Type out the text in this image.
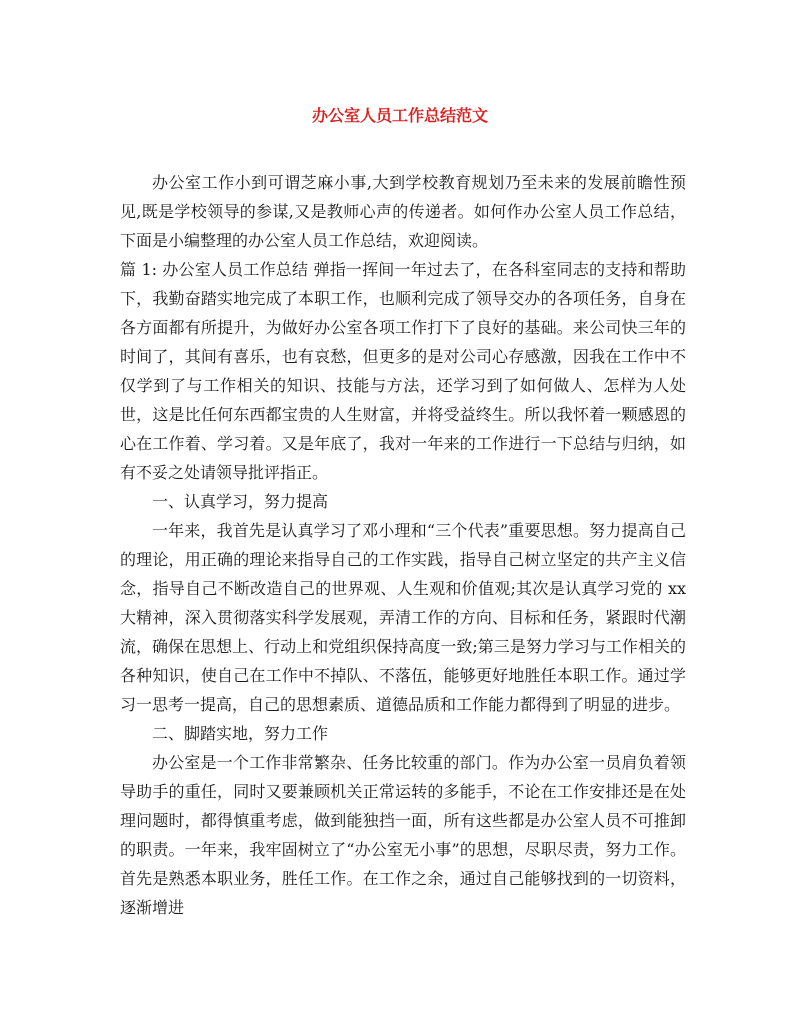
办公室人员工作总结范文

办公室工作小到可谓芝麻小事,大到学校教育规划乃至未来的发展前瞻性预见,既是学校领导的参谋,又是教师心声的传递者。如何作办公室人员工作总结，下面是小编整理的办公室人员工作总结，欢迎阅读。

篇 1: 办公室人员工作总结 弹指一挥间一年过去了，在各科室同志的支持和帮助下，我勤奋踏实地完成了本职工作，也顺利完成了领导交办的各项任务，自身在各方面都有所提升，为做好办公室各项工作打下了良好的基础。来公司快三年的时间了，其间有喜乐，也有哀愁，但更多的是对公司心存感激，因我在工作中不仅学到了与工作相关的知识、技能与方法，还学习到了如何做人、怎样为人处世，这是比任何东西都宝贵的人生财富，并将受益终生。所以我怀着一颗感恩的心在工作着、学习着。又是年底了，我对一年来的工作进行一下总结与归纳，如有不妥之处请领导批评指正。

一、认真学习，努力提高

一年来，我首先是认真学习了邓小理和“三个代表”重要思想。努力提高自己的理论，用正确的理论来指导自己的工作实践，指导自己树立坚定的共产主义信念，指导自己不断改造自己的世界观、人生观和价值观;其次是认真学习党的 xx 大精神，深入贯彻落实科学发展观，弄清工作的方向、目标和任务，紧跟时代潮流，确保在思想上、行动上和党组织保持高度一致;第三是努力学习与工作相关的各种知识，使自己在工作中不掉队、不落伍，能够更好地胜任本职工作。通过学习一思考一提高，自己的思想素质、道德品质和工作能力都得到了明显的进步。

二、脚踏实地，努力工作

办公室是一个工作非常繁杂、任务比较重的部门。作为办公室一员肩负着领导助手的重任，同时又要兼顾机关正常运转的多能手，不论在工作安排还是在处理问题时，都得慎重考虑，做到能独挡一面，所有这些都是办公室人员不可推卸的职责。一年来，我牢固树立了“办公室无小事”的思想，尽职尽责，努力工作。首先是熟悉本职业务，胜任工作。在工作之余，通过自己能够找到的一切资料，逐渐增进
